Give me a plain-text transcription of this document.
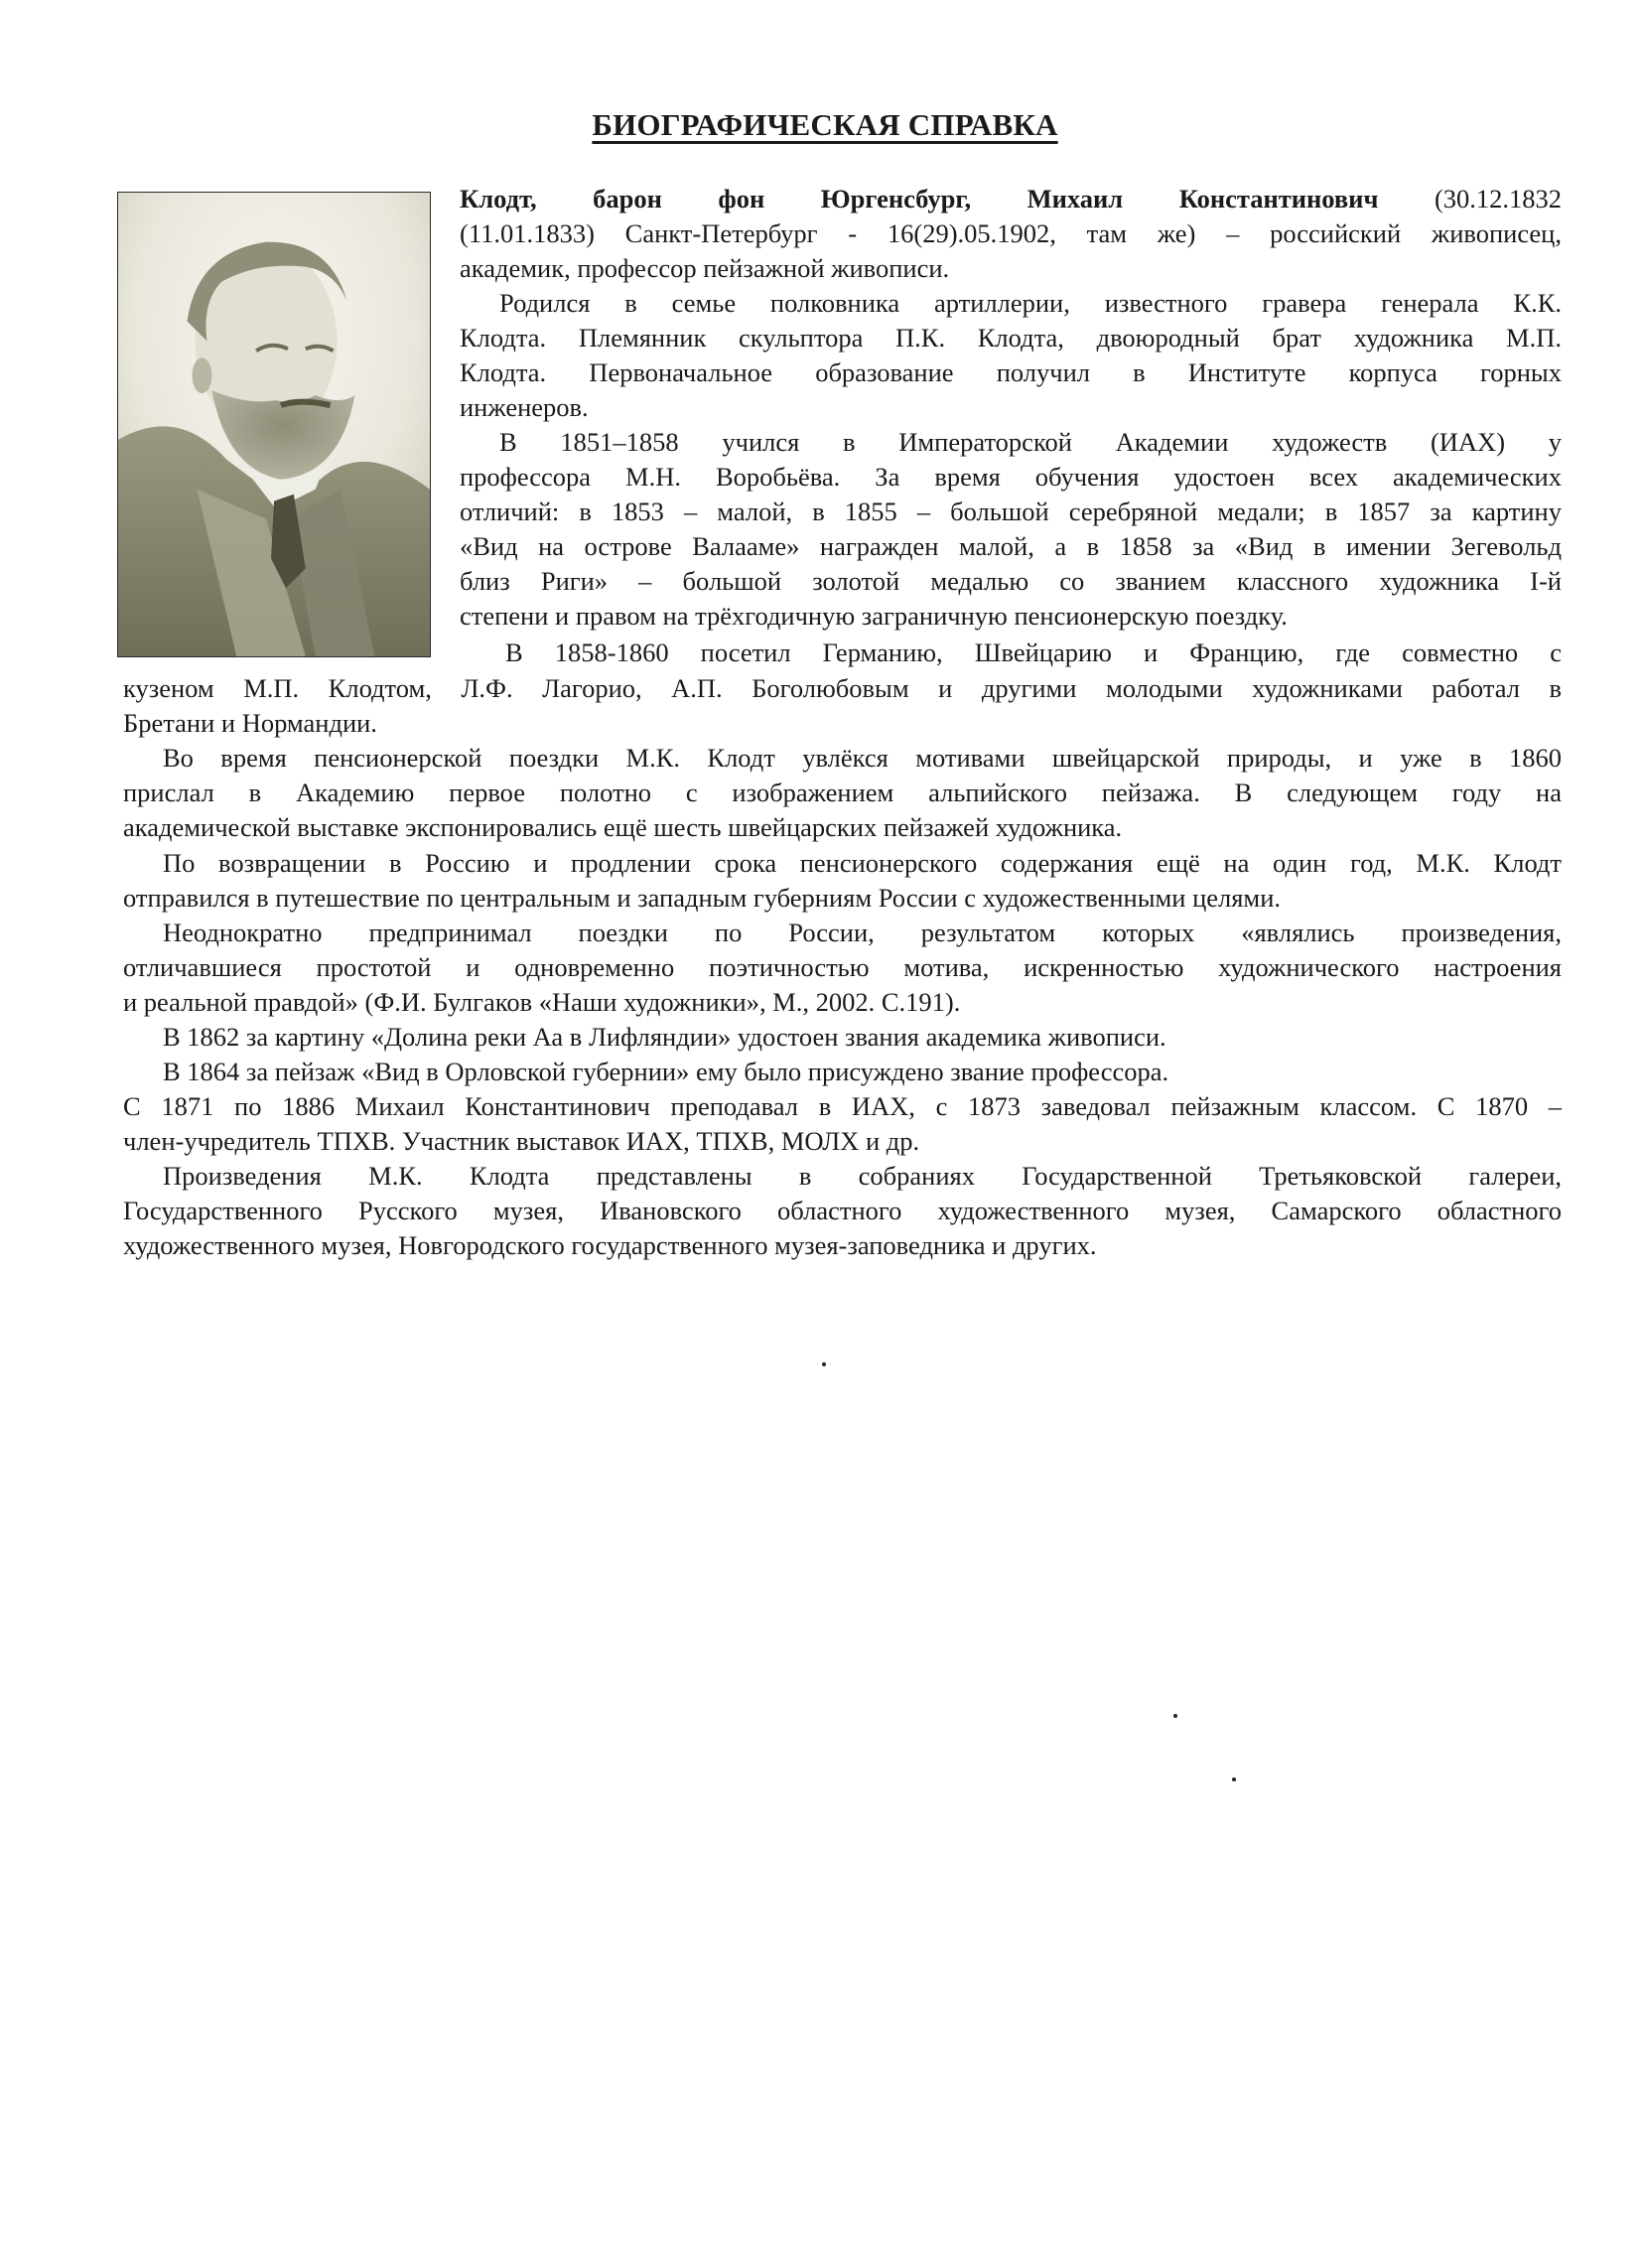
БИОГРАФИЧЕСКАЯ СПРАВКА
Клодт, барон фон Юргенсбург, Михаил Константинович (30.12.1832
(11.01.1833) Санкт-Петербург - 16(29).05.1902, там же) – российский живописец,
академик, профессор пейзажной живописи.
Родился в семье полковника артиллерии, известного гравера генерала К.К.
Клодта. Племянник скульптора П.К. Клодта, двоюродный брат художника М.П.
Клодта. Первоначальное образование получил в Институте корпуса горных
инженеров.
В 1851–1858 учился в Императорской Академии художеств (ИАХ) у
профессора М.Н. Воробьёва. За время обучения удостоен всех академических
отличий: в 1853 – малой, в 1855 – большой серебряной медали; в 1857 за картину
«Вид на острове Валааме» награжден малой, а в 1858 за «Вид в имении Зегевольд
близ Риги» – большой золотой медалью со званием классного художника I-й
степени и правом на трёхгодичную заграничную пенсионерскую поездку.
В 1858-1860 посетил Германию, Швейцарию и Францию, где совместно с
кузеном М.П. Клодтом, Л.Ф. Лагорио, А.П. Боголюбовым и другими молодыми художниками работал в
Бретани и Нормандии.
Во время пенсионерской поездки М.К. Клодт увлёкся мотивами швейцарской природы, и уже в 1860
прислал в Академию первое полотно с изображением альпийского пейзажа. В следующем году на
академической выставке экспонировались ещё шесть швейцарских пейзажей художника.
По возвращении в Россию и продлении срока пенсионерского содержания ещё на один год, М.К. Клодт
отправился в путешествие по центральным и западным губерниям России с художественными целями.
Неоднократно предпринимал поездки по России, результатом которых «являлись произведения,
отличавшиеся простотой и одновременно поэтичностью мотива, искренностью художнического настроения
и реальной правдой» (Ф.И. Булгаков «Наши художники», М., 2002. С.191).
В 1862 за картину «Долина реки Аа в Лифляндии» удостоен звания академика живописи.
В 1864 за пейзаж «Вид в Орловской губернии» ему было присуждено звание профессора.
С 1871 по 1886 Михаил Константинович преподавал в ИАХ, с 1873 заведовал пейзажным классом. С 1870 –
член-учредитель ТПХВ. Участник выставок ИАХ, ТПХВ, МОЛХ и др.
Произведения М.К. Клодта представлены в собраниях Государственной Третьяковской галереи,
Государственного Русского музея, Ивановского областного художественного музея, Самарского областного
художественного музея, Новгородского государственного музея-заповедника и других.
